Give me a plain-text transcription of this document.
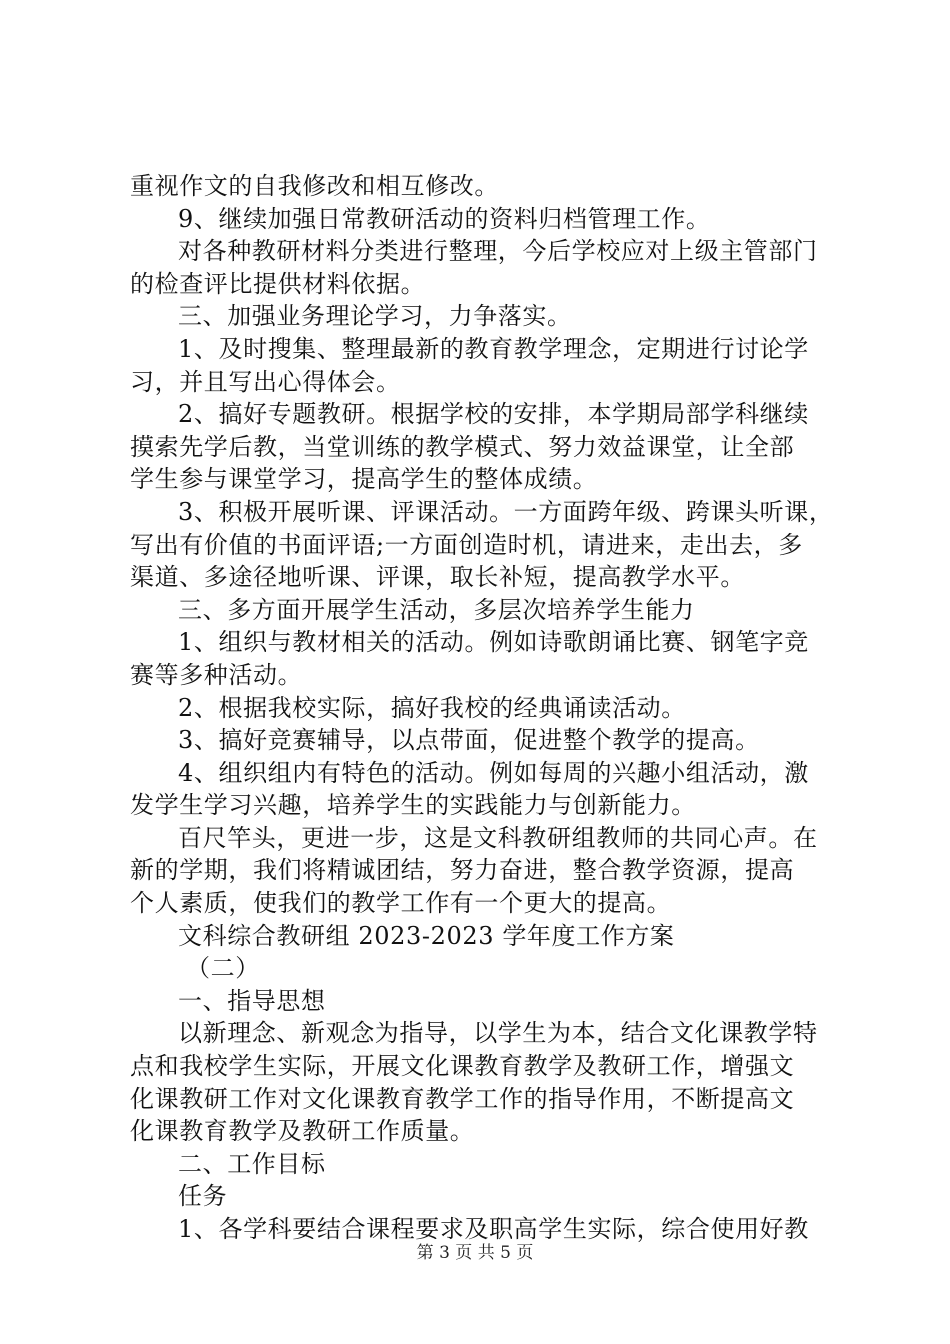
重视作文的自我修改和相互修改。
9、继续加强日常教研活动的资料归档管理工作。
对各种教研材料分类进行整理，今后学校应对上级主管部门
的检查评比提供材料依据。
三、加强业务理论学习，力争落实。
1、及时搜集、整理最新的教育教学理念，定期进行讨论学
习，并且写出心得体会。
2、搞好专题教研。根据学校的安排，本学期局部学科继续
摸索先学后教，当堂训练的教学模式、努力效益课堂，让全部
学生参与课堂学习，提高学生的整体成绩。
3、积极开展听课、评课活动。一方面跨年级、跨课头听课，
写出有价值的书面评语;一方面创造时机，请进来，走出去，多
渠道、多途径地听课、评课，取长补短，提高教学水平。
三、多方面开展学生活动，多层次培养学生能力
1、组织与教材相关的活动。例如诗歌朗诵比赛、钢笔字竞
赛等多种活动。
2、根据我校实际，搞好我校的经典诵读活动。
3、搞好竞赛辅导，以点带面，促进整个教学的提高。
4、组织组内有特色的活动。例如每周的兴趣小组活动，激
发学生学习兴趣，培养学生的实践能力与创新能力。
百尺竿头，更进一步，这是文科教研组教师的共同心声。在
新的学期，我们将精诚团结，努力奋进，整合教学资源，提高
个人素质，使我们的教学工作有一个更大的提高。
文科综合教研组 2023-2023 学年度工作方案
（二）
一、指导思想
以新理念、新观念为指导，以学生为本，结合文化课教学特
点和我校学生实际，开展文化课教育教学及教研工作，增强文
化课教研工作对文化课教育教学工作的指导作用，不断提高文
化课教育教学及教研工作质量。
二、工作目标
任务
1、各学科要结合课程要求及职高学生实际，综合使用好教
第 3 页 共 5 页
